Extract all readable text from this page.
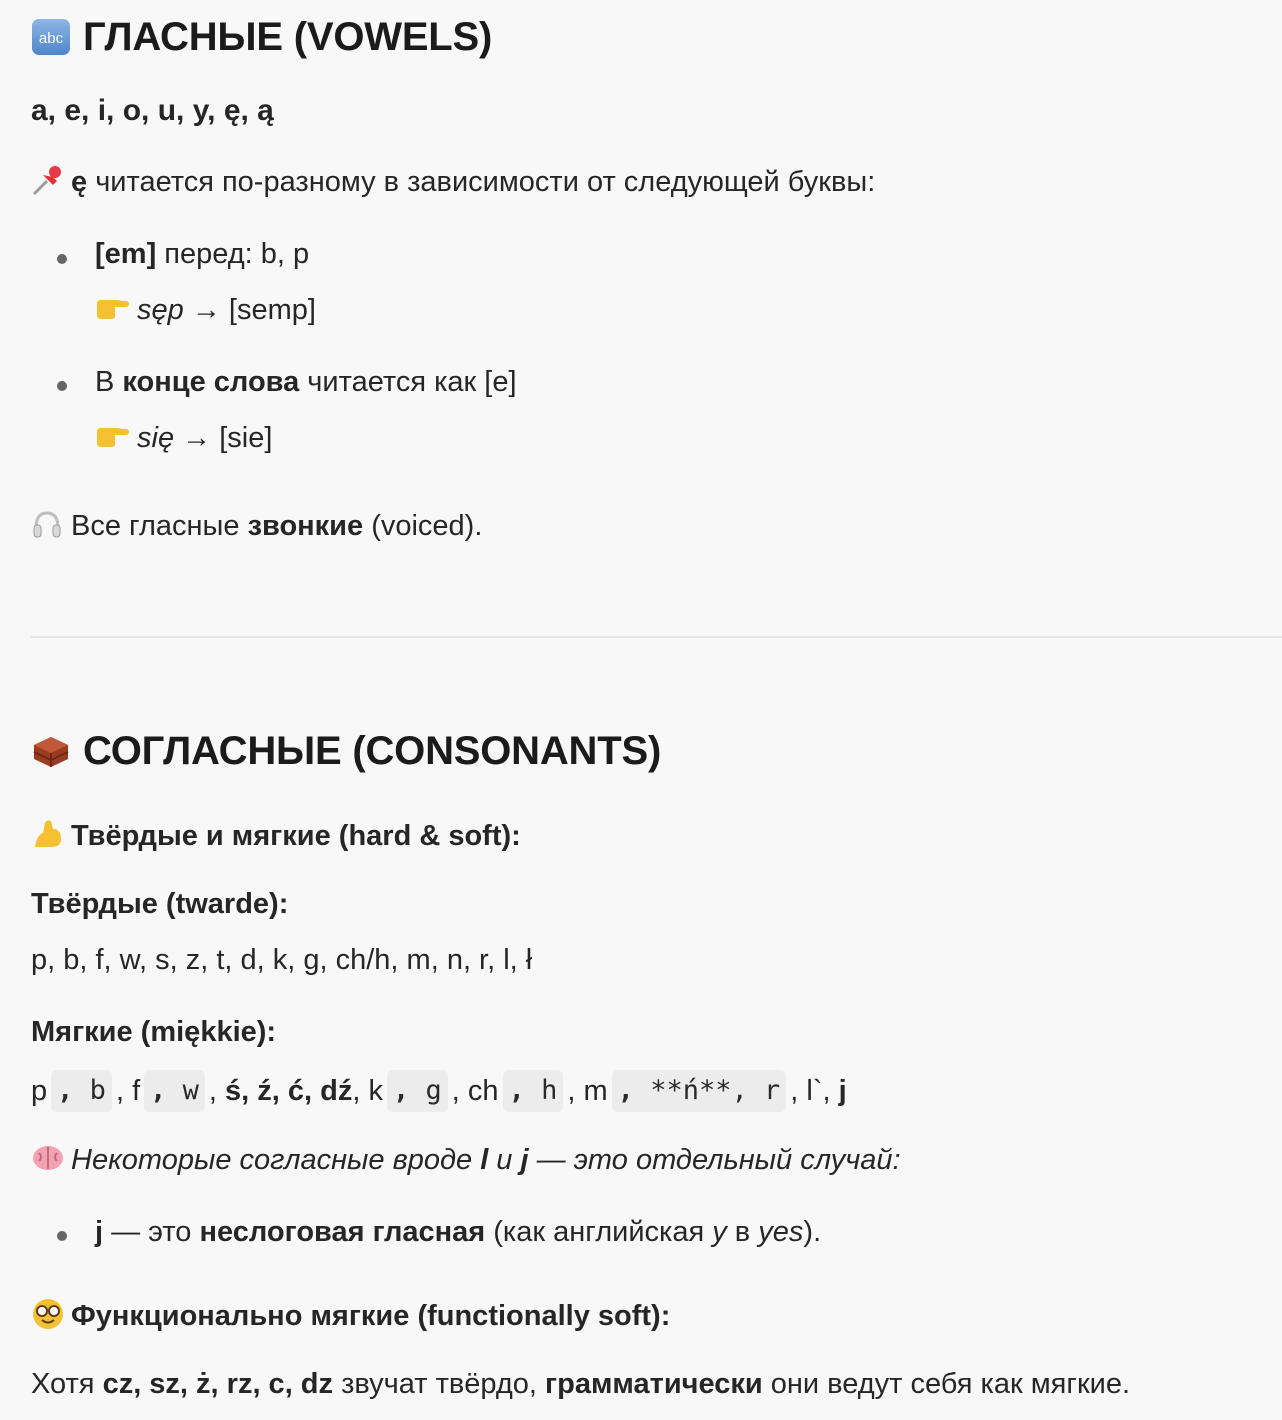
abc ГЛАСНЫЕ (VOWELS)
a, e, i, o, u, y, ę, ą
ę читается по-разному в зависимости от следующей буквы:
[em] перед: b, p
sęp → [semp]
В конце слова читается как [e]
się → [sie]
Все гласные звонкие (voiced).
СОГЛАСНЫЕ (CONSONANTS)
Твёрдые и мягкие (hard & soft):
Твёрдые (twarde):
p, b, f, w, s, z, t, d, k, g, ch/h, m, n, r, l, ł
Мягкие (miękkie):
p , b ,
f , w ,
ś, ź, ć, dź ,
k , g ,
ch , h ,
m , **ń**, r ,
l` ,
j
Некоторые согласные вроде l и j — это отдельный случай:
j — это неслоговая гласная (как английская y в yes).
Функционально мягкие (functionally soft):
Хотя cz, sz, ż, rz, c, dz звучат твёрдо, грамматически они ведут себя как мягкие.
